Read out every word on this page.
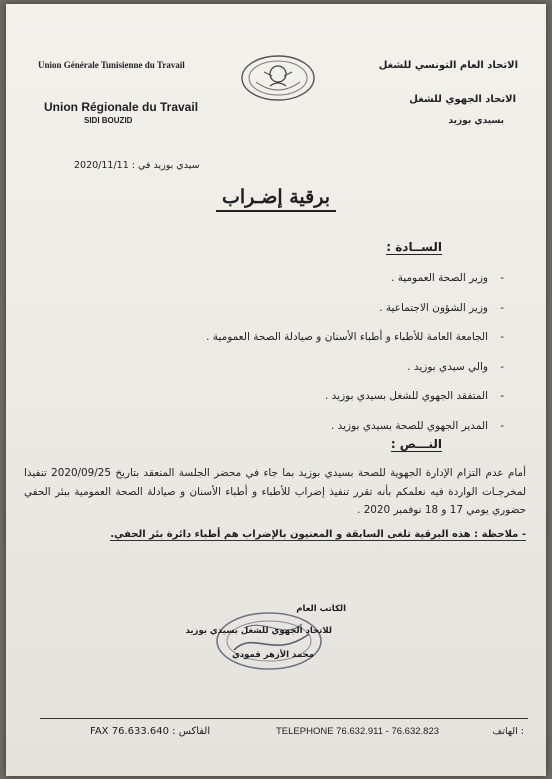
Union Générale Tunisienne du Travail
Union Régionale du Travail
SIDI BOUZID
الاتحاد العام التونسي للشغل
الاتحاد الجهوي للشغل
بسيدي بوزيد
سيدي بوزيد في : 2020/11/11
برقية إضـراب
الســادة :
-
وزير الصحة العمومية .
-
وزير الشؤون الاجتماعية .
-
الجامعة العامة للأطباء و أطباء الأسنان و صيادلة الصحة العمومية .
-
والي سيدي بوزيد .
-
المتفقد الجهوي للشغل بسيدي بوزيد .
-
المدير الجهوي للصحة بسيدي بوزيد .
النـــص :
أمام عدم التزام الإدارة الجهوية للصحة بسيدي بوزيد بما جاء في محضر الجلسة المنعقد بتاريخ 2020/09/25 تنفيذا لمخرجـات الواردة فيه نعلمكم بأنه تقرر تنفيذ إضراب للأطباء و أطباء الأسنان و صيادلة الصحة العمومية ببئر الحفي حضوري يومي 17 و 18 نوفمبر 2020 .
- ملاحظة : هذه البرقية تلغى السابقة و المعنيون بالإضراب هم أطباء دائرة بئر الحفي.
الكاتب العام
للاتحاد الجهوي للشغل بسيدي بوزيد
محمد الأزهر قمودي
الفاكس : FAX 76.633.640	TELEPHONE 76.632.911 - 76.632.823	: الهاتف
